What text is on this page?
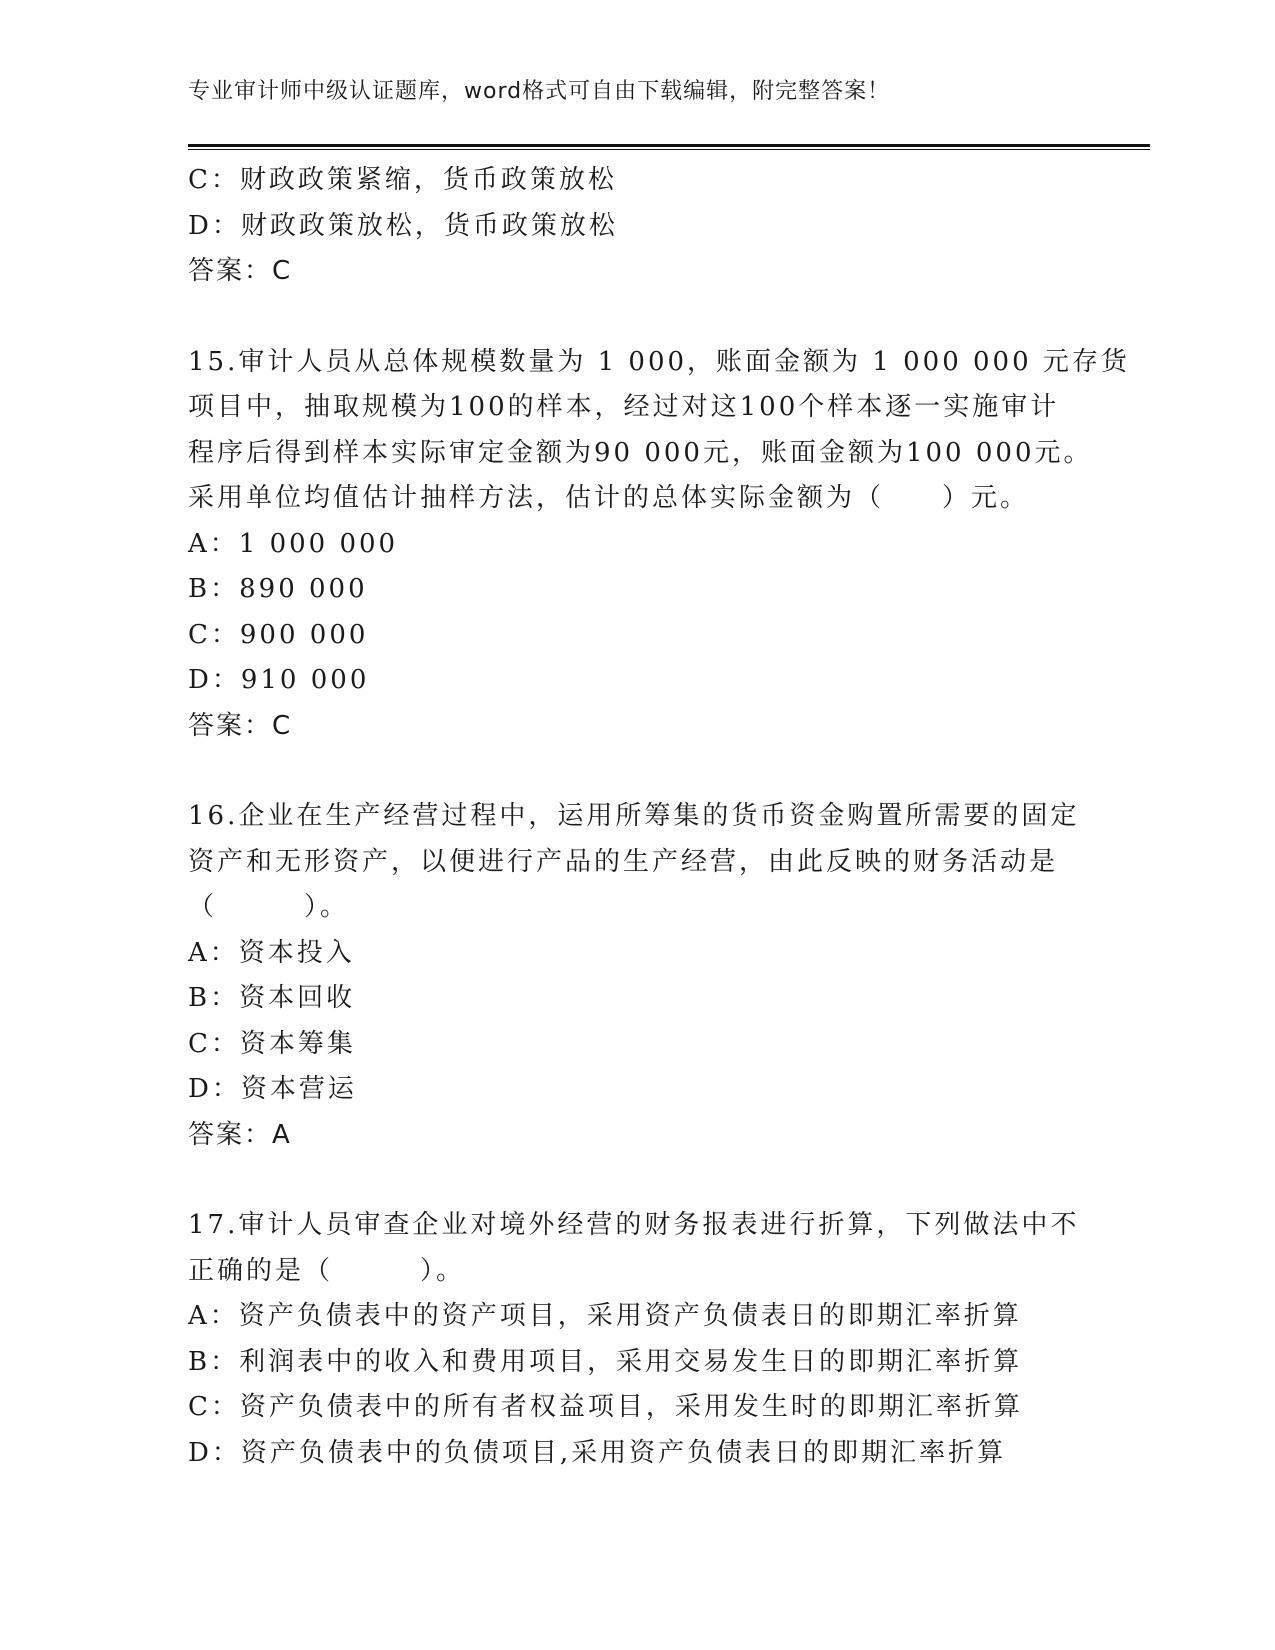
专业审计师中级认证题库，word格式可自由下载编辑，附完整答案！
C：财政政策紧缩，货币政策放松
D：财政政策放松，货币政策放松
答案：C
15.审计人员从总体规模数量为 1 000，账面金额为 1 000 000 元存货
项目中，抽取规模为100的样本，经过对这100个样本逐一实施审计
程序后得到样本实际审定金额为90 000元，账面金额为100 000元。
采用单位均值估计抽样方法，估计的总体实际金额为（　　）元。
A：1 000 000
B：890 000
C：900 000
D：910 000
答案：C
16.企业在生产经营过程中，运用所筹集的货币资金购置所需要的固定
资产和无形资产，以便进行产品的生产经营，由此反映的财务活动是
（　　　）。
A：资本投入
B：资本回收
C：资本筹集
D：资本营运
答案：A
17.审计人员审查企业对境外经营的财务报表进行折算，下列做法中不
正确的是（　　　）。
A：资产负债表中的资产项目，采用资产负债表日的即期汇率折算
B：利润表中的收入和费用项目，采用交易发生日的即期汇率折算
C：资产负债表中的所有者权益项目，采用发生时的即期汇率折算
D：资产负债表中的负债项目,采用资产负债表日的即期汇率折算
